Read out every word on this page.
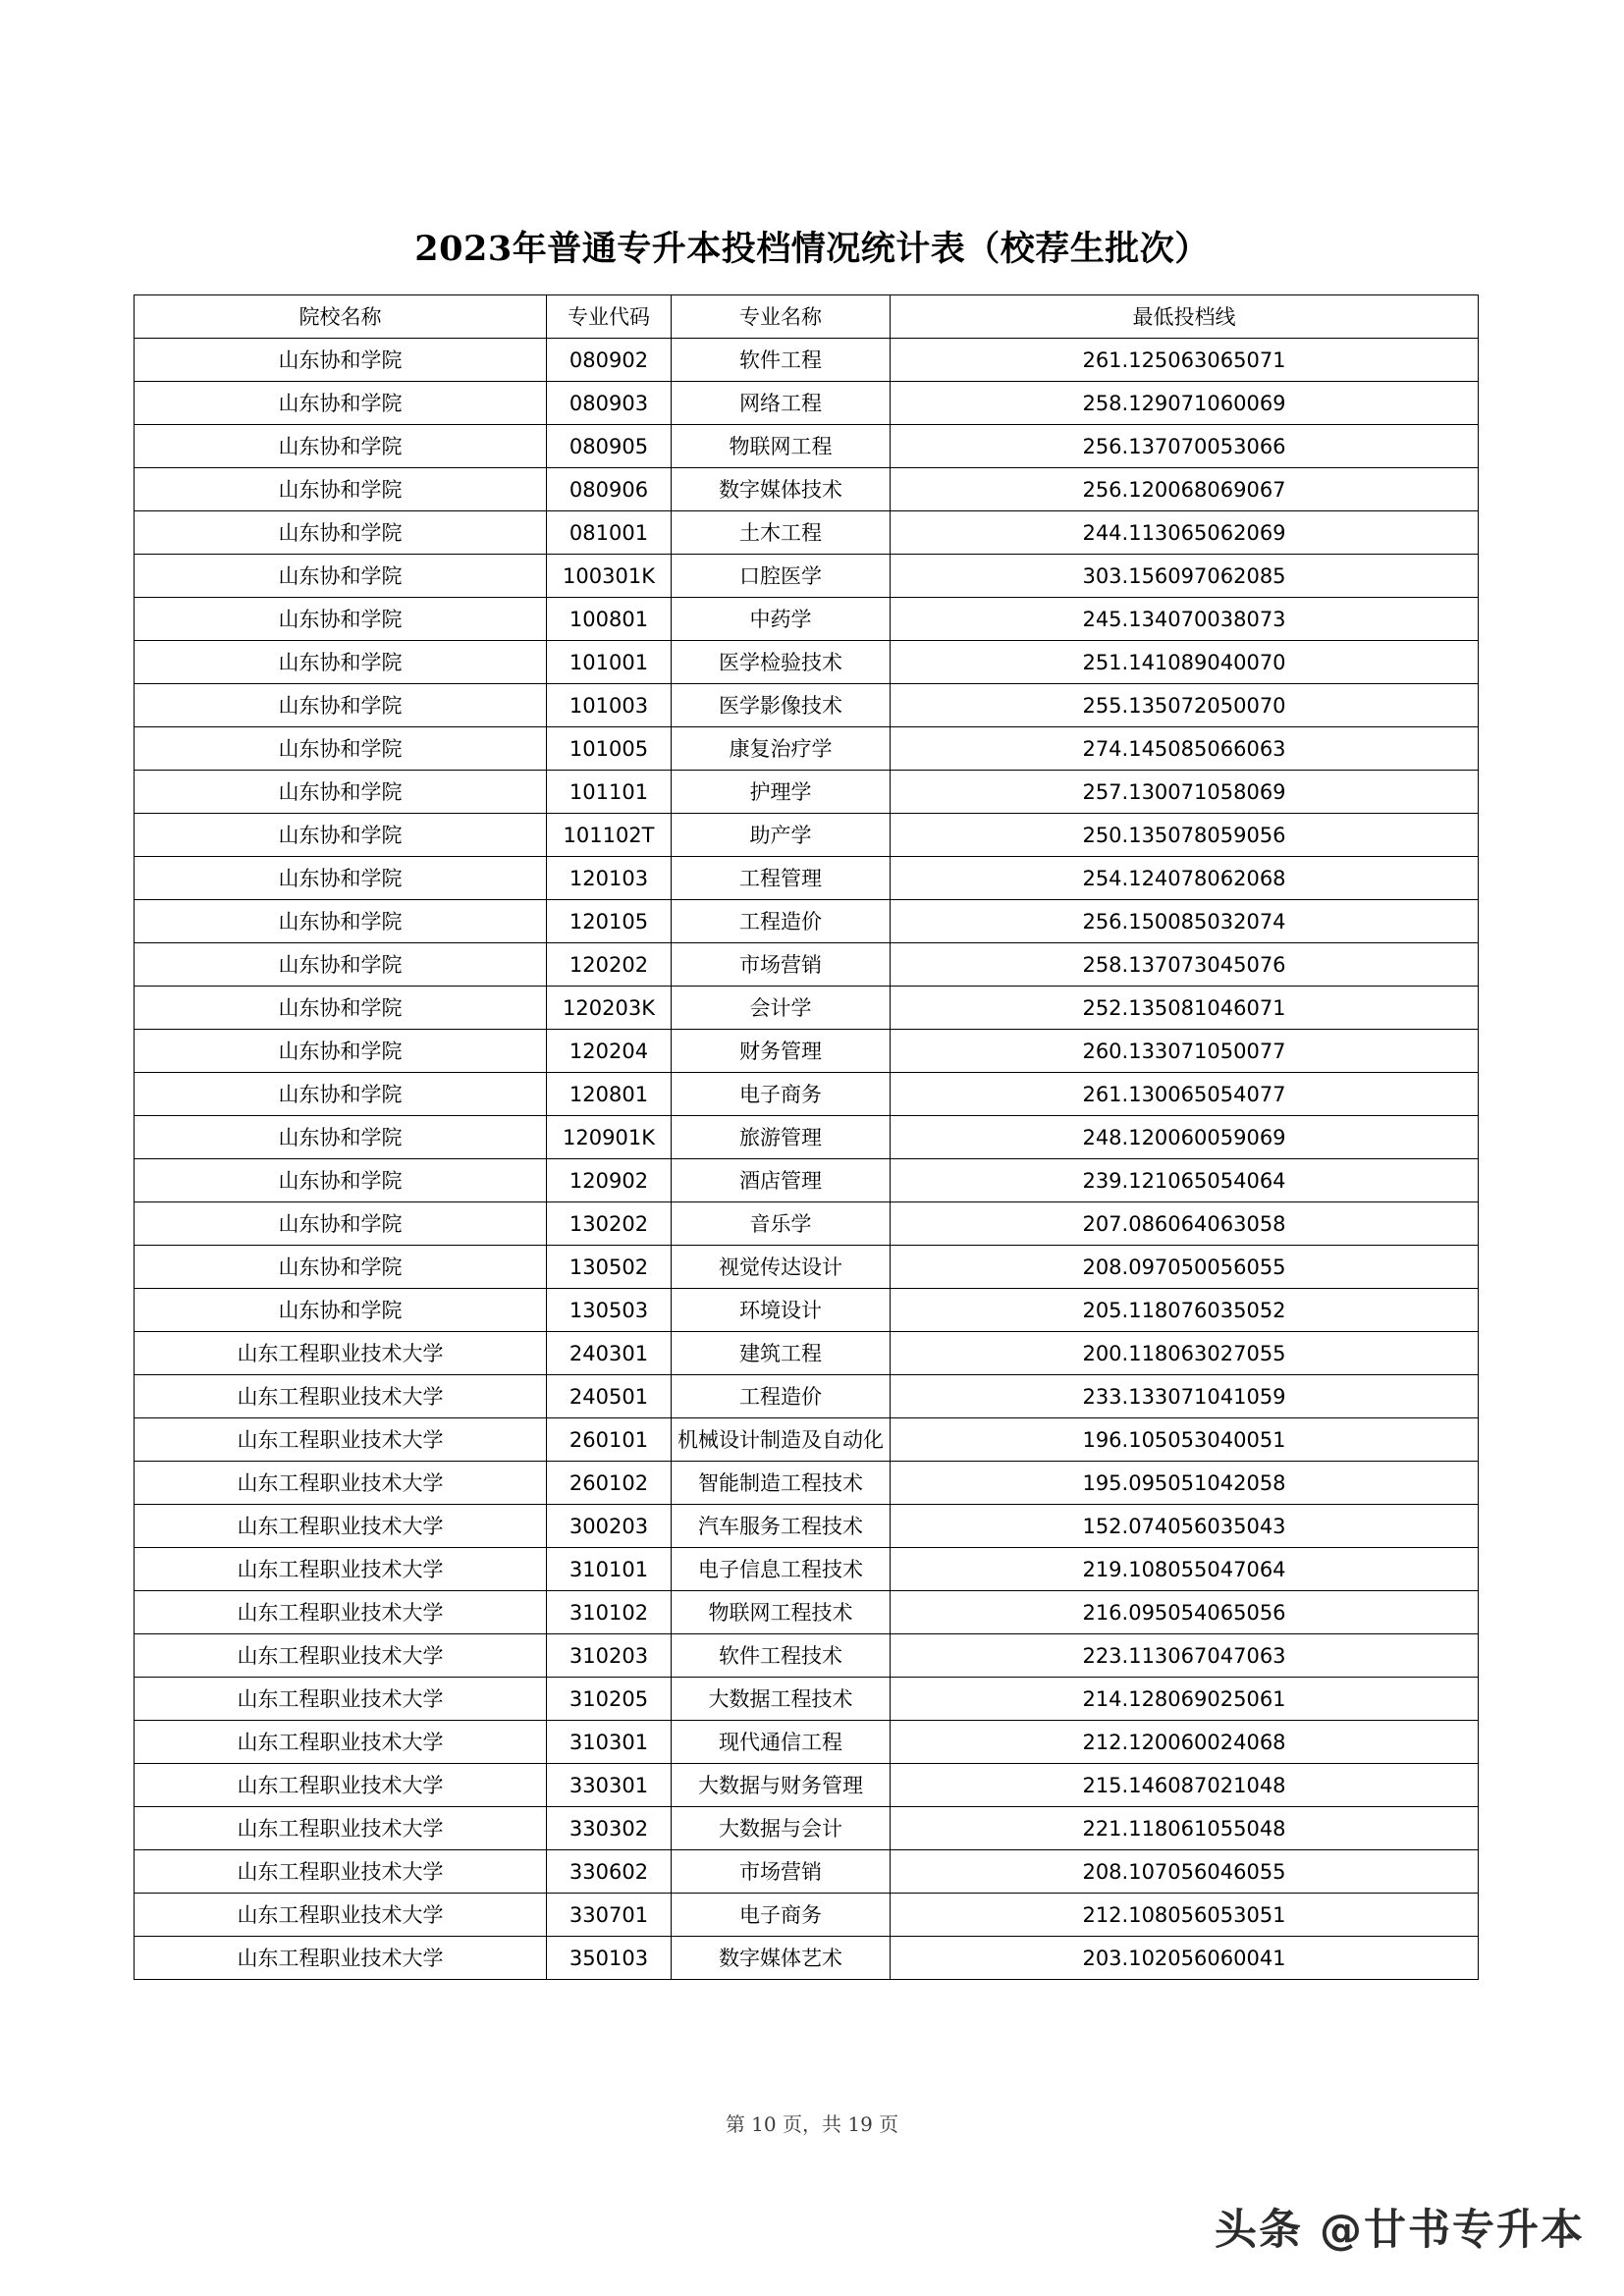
2023年普通专升本投档情况统计表（校荐生批次）
院校名称	专业代码	专业名称	最低投档线
山东协和学院	080902	软件工程	261.125063065071
山东协和学院	080903	网络工程	258.129071060069
山东协和学院	080905	物联网工程	256.137070053066
山东协和学院	080906	数字媒体技术	256.120068069067
山东协和学院	081001	土木工程	244.113065062069
山东协和学院	100301K	口腔医学	303.156097062085
山东协和学院	100801	中药学	245.134070038073
山东协和学院	101001	医学检验技术	251.141089040070
山东协和学院	101003	医学影像技术	255.135072050070
山东协和学院	101005	康复治疗学	274.145085066063
山东协和学院	101101	护理学	257.130071058069
山东协和学院	101102T	助产学	250.135078059056
山东协和学院	120103	工程管理	254.124078062068
山东协和学院	120105	工程造价	256.150085032074
山东协和学院	120202	市场营销	258.137073045076
山东协和学院	120203K	会计学	252.135081046071
山东协和学院	120204	财务管理	260.133071050077
山东协和学院	120801	电子商务	261.130065054077
山东协和学院	120901K	旅游管理	248.120060059069
山东协和学院	120902	酒店管理	239.121065054064
山东协和学院	130202	音乐学	207.086064063058
山东协和学院	130502	视觉传达设计	208.097050056055
山东协和学院	130503	环境设计	205.118076035052
山东工程职业技术大学	240301	建筑工程	200.118063027055
山东工程职业技术大学	240501	工程造价	233.133071041059
山东工程职业技术大学	260101	机械设计制造及自动化	196.105053040051
山东工程职业技术大学	260102	智能制造工程技术	195.095051042058
山东工程职业技术大学	300203	汽车服务工程技术	152.074056035043
山东工程职业技术大学	310101	电子信息工程技术	219.108055047064
山东工程职业技术大学	310102	物联网工程技术	216.095054065056
山东工程职业技术大学	310203	软件工程技术	223.113067047063
山东工程职业技术大学	310205	大数据工程技术	214.128069025061
山东工程职业技术大学	310301	现代通信工程	212.120060024068
山东工程职业技术大学	330301	大数据与财务管理	215.146087021048
山东工程职业技术大学	330302	大数据与会计	221.118061055048
山东工程职业技术大学	330602	市场营销	208.107056046055
山东工程职业技术大学	330701	电子商务	212.108056053051
山东工程职业技术大学	350103	数字媒体艺术	203.102056060041
第 10 页，共 19 页
头条 @廿书专升本
